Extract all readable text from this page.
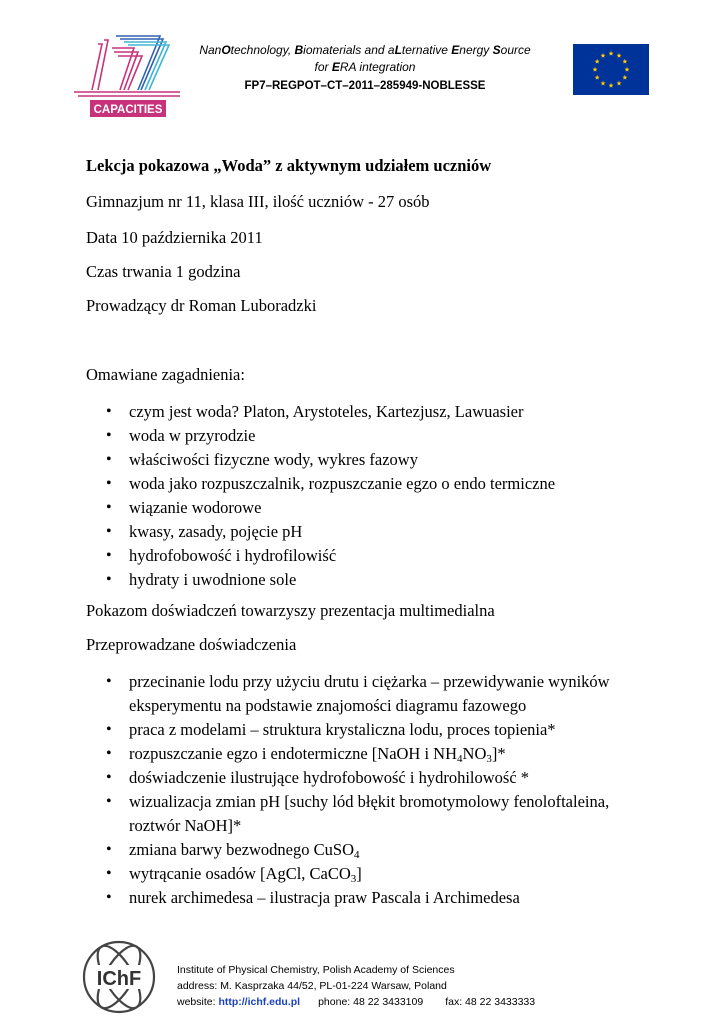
CAPACITIES
NanOtechnology, Biomaterials and aLternative Energy Source
for ERA integration
FP7–REGPOT–CT–2011–285949-NOBLESSE
Lekcja pokazowa „Woda” z aktywnym udziałem uczniów
Gimnazjum nr 11, klasa III, ilość uczniów - 27 osób
Data 10 października 2011
Czas trwania 1 godzina
Prowadzący dr Roman Luboradzki
Omawiane zagadnienia:
• czym jest woda? Platon, Arystoteles, Kartezjusz, Lawuasier
• woda w przyrodzie
• właściwości fizyczne wody, wykres fazowy
• woda jako rozpuszczalnik, rozpuszczanie egzo o endo termiczne
• wiązanie wodorowe
• kwasy, zasady, pojęcie pH
• hydrofobowość i hydrofilowiść
• hydraty i uwodnione sole
Pokazom doświadczeń towarzyszy prezentacja multimedialna
Przeprowadzane doświadczenia
• przecinanie lodu przy użyciu drutu i ciężarka – przewidywanie wyników
eksperymentu na podstawie znajomości diagramu fazowego
• praca z modelami – struktura krystaliczna lodu, proces topienia*
• rozpuszczanie egzo i endotermiczne [NaOH i $NH_4NO_3]*$
• doświadczenie ilustrujące hydrofobowość i hydrohilowość *
• wizualizacja zmian pH [suchy lód błękit bromotymolowy fenoloftaleina,
roztwór NaOH]*
• zmiana barwy bezwodnego CuSO$_4$
• wytrącanie osadów [AgCl, CaCO$_3$]
• nurek archimedesa – ilustracja praw Pascala i Archimedesa
IChF	Institute of Physical Chemistry, Polish Academy of Sciences
address: M. Kasprzaka 44/52, PL-01-224 Warsaw, Poland
website: http://ichf.edu.pl phone: 48 22 3433109 fax: 48 22 3433333
